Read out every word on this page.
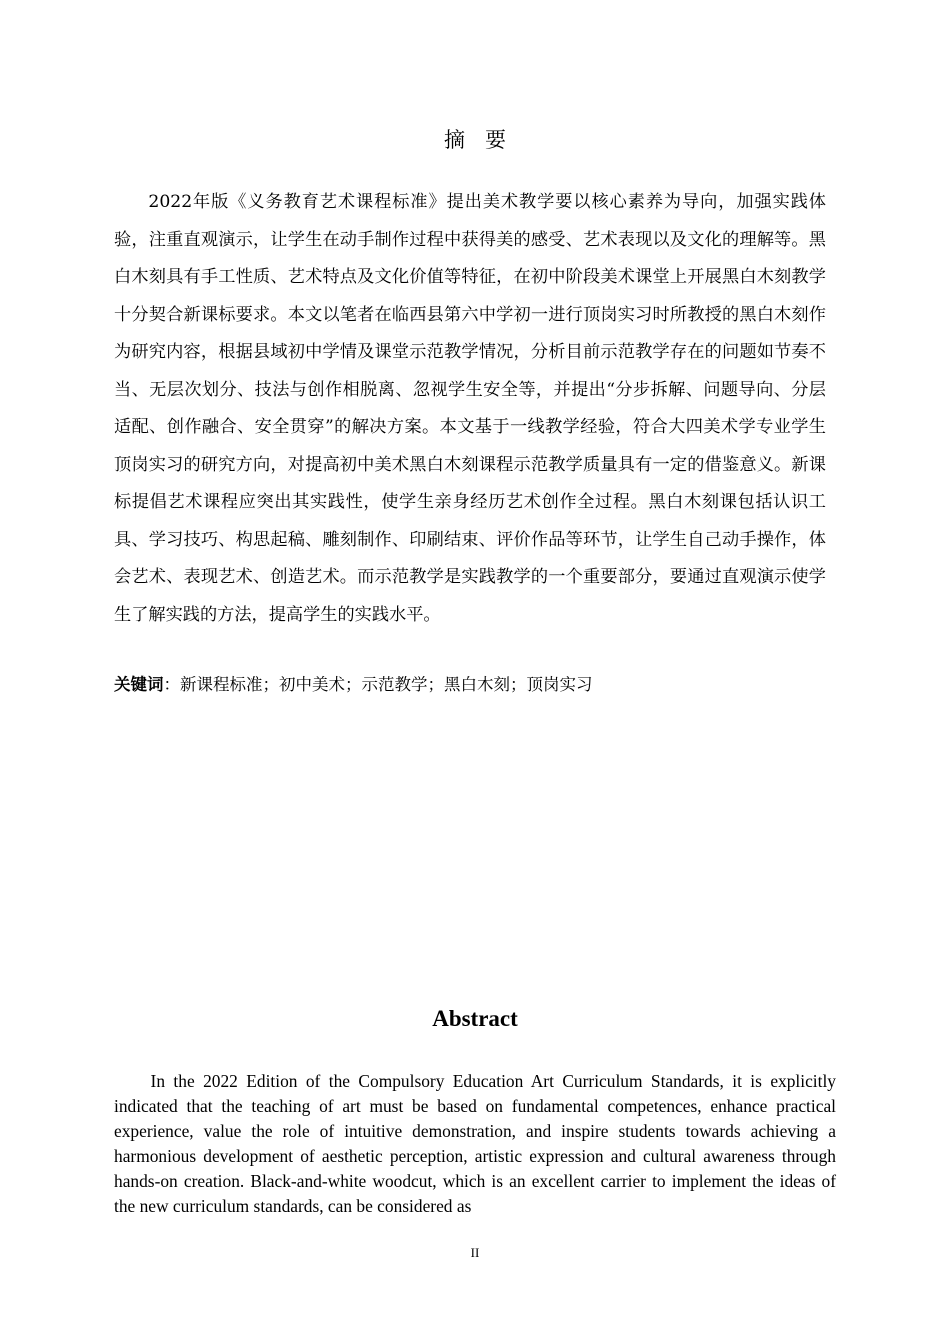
摘要

2022年版《义务教育艺术课程标准》提出美术教学要以核心素养为导向，加强实践体验，注重直观演示，让学生在动手制作过程中获得美的感受、艺术表现以及文化的理解等。黑白木刻具有手工性质、艺术特点及文化价值等特征，在初中阶段美术课堂上开展黑白木刻教学十分契合新课标要求。本文以笔者在临西县第六中学初一进行顶岗实习时所教授的黑白木刻作为研究内容，根据县域初中学情及课堂示范教学情况，分析目前示范教学存在的问题如节奏不当、无层次划分、技法与创作相脱离、忽视学生安全等，并提出“分步拆解、问题导向、分层适配、创作融合、安全贯穿”的解决方案。本文基于一线教学经验，符合大四美术学专业学生顶岗实习的研究方向，对提高初中美术黑白木刻课程示范教学质量具有一定的借鉴意义。新课标提倡艺术课程应突出其实践性，使学生亲身经历艺术创作全过程。黑白木刻课包括认识工具、学习技巧、构思起稿、雕刻制作、印刷结束、评价作品等环节，让学生自己动手操作，体会艺术、表现艺术、创造艺术。而示范教学是实践教学的一个重要部分，要通过直观演示使学生了解实践的方法，提高学生的实践水平。

关键词：新课程标准；初中美术；示范教学；黑白木刻；顶岗实习
Abstract

In the 2022 Edition of the Compulsory Education Art Curriculum Standards, it is explicitly indicated that the teaching of art must be based on fundamental competences, enhance practical experience, value the role of intuitive demonstration, and inspire students towards achieving a harmonious development of aesthetic perception, artistic expression and cultural awareness through hands-on creation. Black-and-white woodcut, which is an excellent carrier to implement the ideas of the new curriculum standards, can be considered as

II
